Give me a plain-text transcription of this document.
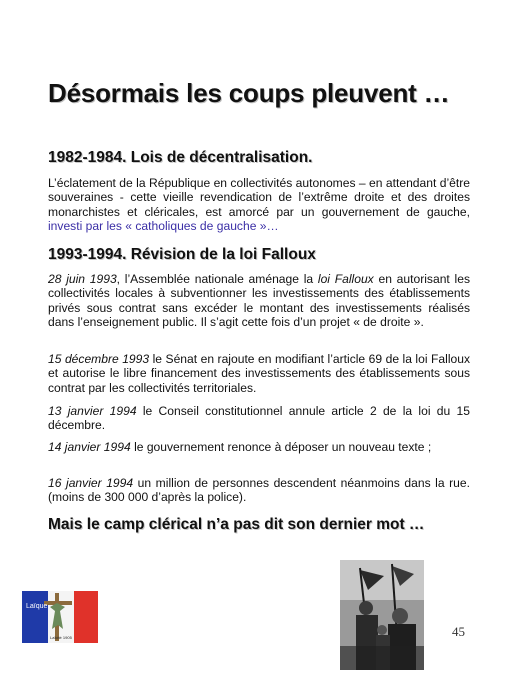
Désormais les coups pleuvent …
1982-1984. Lois de décentralisation.
L’éclatement de la République en collectivités autonomes – en attendant d’être souveraines - cette vieille revendication de l’extrême droite et des droites monarchistes et cléricales, est amorcé par un gouvernement de gauche, investi par les « catholiques de gauche »…
1993-1994. Révision de la loi Falloux
28 juin 1993, l’Assemblée nationale aménage la loi Falloux en autorisant les collectivités locales à subventionner les investissements des établissements privés sous contrat sans excéder le montant des investissements réalisés dans l’enseignement public. Il s’agit cette fois d’un projet « de droite ».
15 décembre 1993 le Sénat en rajoute en modifiant l’article 69 de la loi Falloux et autorise le libre financement des investissements des établissements sous contrat par les collectivités territoriales.
13 janvier 1994 le Conseil constitutionnel annule article 2 de la loi du 15 décembre.
14 janvier 1994 le gouvernement renonce à déposer un nouveau texte ;
16 janvier 1994 un million de personnes descendent néanmoins dans la rue.(moins de 300 000 d’après la police).
Mais le camp clérical n’a pas dit son dernier mot …
Laïque
Laïcité 1905	45
